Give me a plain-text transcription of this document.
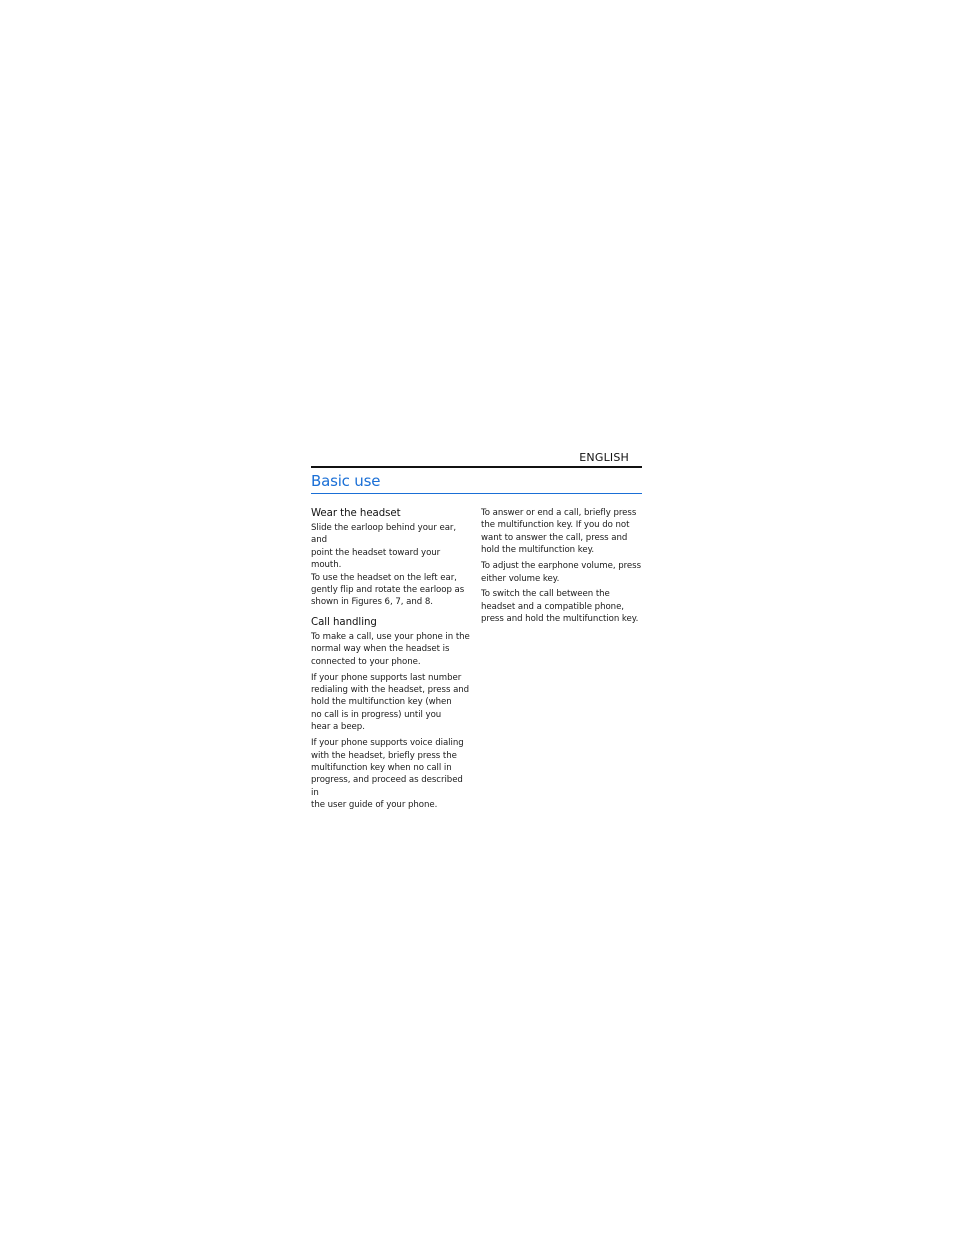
ENGLISH
Basic use
Wear the headset

Slide the earloop behind your ear, and
point the headset toward your mouth.
To use the headset on the left ear,
gently flip and rotate the earloop as
shown in Figures 6, 7, and 8.

Call handling

To make a call, use your phone in the
normal way when the headset is
connected to your phone.

If your phone supports last number
redialing with the headset, press and
hold the multifunction key (when
no call is in progress) until you
hear a beep.

If your phone supports voice dialing
with the headset, briefly press the
multifunction key when no call in
progress, and proceed as described in
the user guide of your phone.

To answer or end a call, briefly press
the multifunction key. If you do not
want to answer the call, press and
hold the multifunction key.

To adjust the earphone volume, press
either volume key.

To switch the call between the
headset and a compatible phone,
press and hold the multifunction key.
